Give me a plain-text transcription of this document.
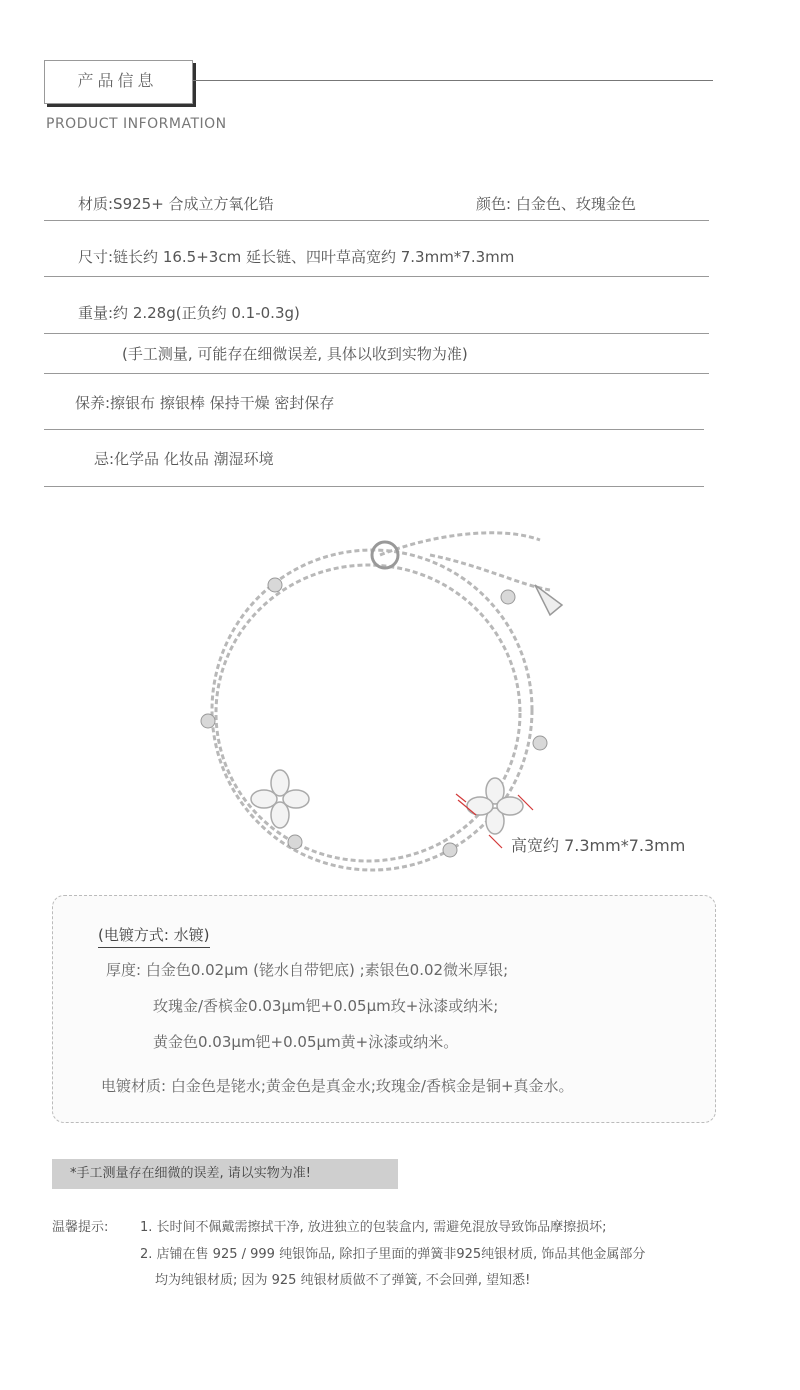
产品信息
PRODUCT INFORMATION
材质:S925+ 合成立方氧化锆	颜色: 白金色、玫瑰金色
尺寸:链长约 16.5+3cm 延长链、四叶草高宽约 7.3mm*7.3mm
重量:约 2.28g(正负约 0.1-0.3g)
(手工测量, 可能存在细微误差, 具体以收到实物为准)
保养:擦银布 擦银棒 保持干燥 密封保存
忌:化学品 化妆品 潮湿环境
高宽约 7.3mm*7.3mm
(电镀方式: 水镀)
厚度: 白金色0.02μm (铑水自带钯底) ;素银色0.02微米厚银;
玫瑰金/香槟金0.03μm钯+0.05μm玫+泳漆或纳米;
黄金色0.03μm钯+0.05μm黄+泳漆或纳米。
电镀材质: 白金色是铑水;黄金色是真金水;玫瑰金/香槟金是铜+真金水。
*手工测量存在细微的误差, 请以实物为准!
温馨提示: 1. 长时间不佩戴需擦拭干净, 放进独立的包装盒内, 需避免混放导致饰品摩擦损坏;
2. 店铺在售 925 / 999 纯银饰品, 除扣子里面的弹簧非925纯银材质, 饰品其他金属部分
均为纯银材质; 因为 925 纯银材质做不了弹簧, 不会回弹, 望知悉!
